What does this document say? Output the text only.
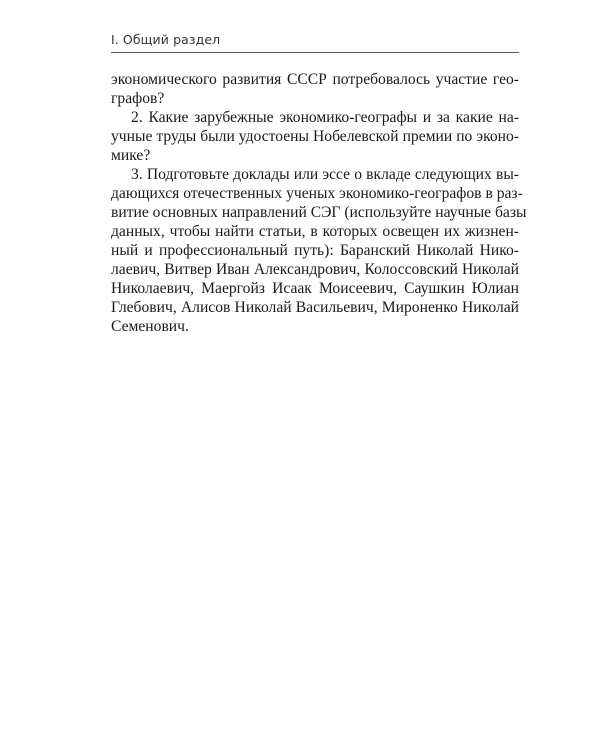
I. Общий раздел

экономического развития СССР потребовалось участие гео-
графов?

2. Какие зарубежные экономико-географы и за какие на-
учные труды были удостоены Нобелевской премии по эконо-
мике?

3. Подготовьте доклады или эссе о вкладе следующих вы-
дающихся отечественных ученых экономико-географов в раз-
витие основных направлений СЭГ (используйте научные базы
данных, чтобы найти статьи, в которых освещен их жизнен-
ный и профессиональный путь): Баранский Николай Нико-
лаевич, Витвер Иван Александрович, Колоссовский Николай
Николаевич, Маергойз Исаак Моисеевич, Саушкин Юлиан
Глебович, Алисов Николай Васильевич, Мироненко Николай
Семенович.
